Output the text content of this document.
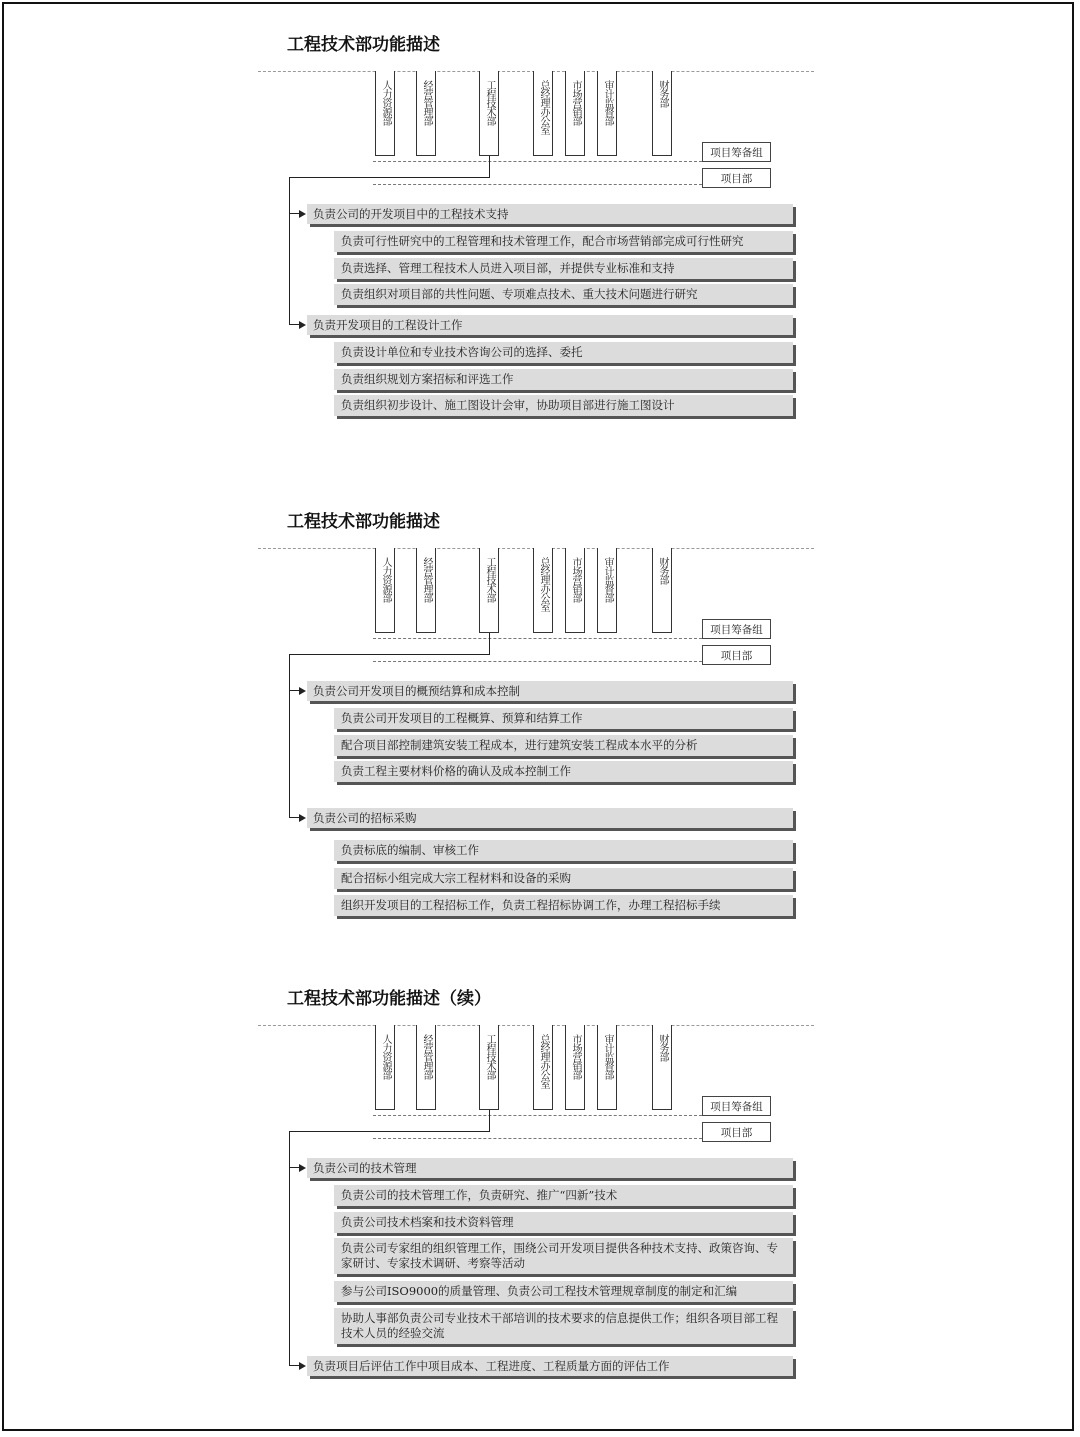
工程技术部功能描述
人力资源部	经营管理部	工程技术部	总经理办公室	市场营销部	审计监督部	财务部
项目筹备组
项目部
负责公司的开发项目中的工程技术支持
负责可行性研究中的工程管理和技术管理工作，配合市场营销部完成可行性研究
负责选择、管理工程技术人员进入项目部，并提供专业标准和支持
负责组织对项目部的共性问题、专项难点技术、重大技术问题进行研究
负责开发项目的工程设计工作
负责设计单位和专业技术咨询公司的选择、委托
负责组织规划方案招标和评选工作
负责组织初步设计、施工图设计会审，协助项目部进行施工图设计
工程技术部功能描述
人力资源部	经营管理部	工程技术部	总经理办公室	市场营销部	审计监督部	财务部
项目筹备组
项目部
负责公司开发项目的概预结算和成本控制
负责公司开发项目的工程概算、预算和结算工作
配合项目部控制建筑安装工程成本，进行建筑安装工程成本水平的分析
负责工程主要材料价格的确认及成本控制工作
负责公司的招标采购
负责标底的编制、审核工作
配合招标小组完成大宗工程材料和设备的采购
组织开发项目的工程招标工作，负责工程招标协调工作，办理工程招标手续
工程技术部功能描述（续）
人力资源部	经营管理部	工程技术部	总经理办公室	市场营销部	审计监督部	财务部
项目筹备组
项目部
负责公司的技术管理
负责公司的技术管理工作，负责研究、推广“四新”技术
负责公司技术档案和技术资料管理
负责公司专家组的组织管理工作，围绕公司开发项目提供各种技术支持、政策咨询、专家研讨、专家技术调研、考察等活动
参与公司ISO9000的质量管理、负责公司工程技术管理规章制度的制定和汇编
协助人事部负责公司专业技术干部培训的技术要求的信息提供工作；组织各项目部工程技术人员的经验交流
负责项目后评估工作中项目成本、工程进度、工程质量方面的评估工作
